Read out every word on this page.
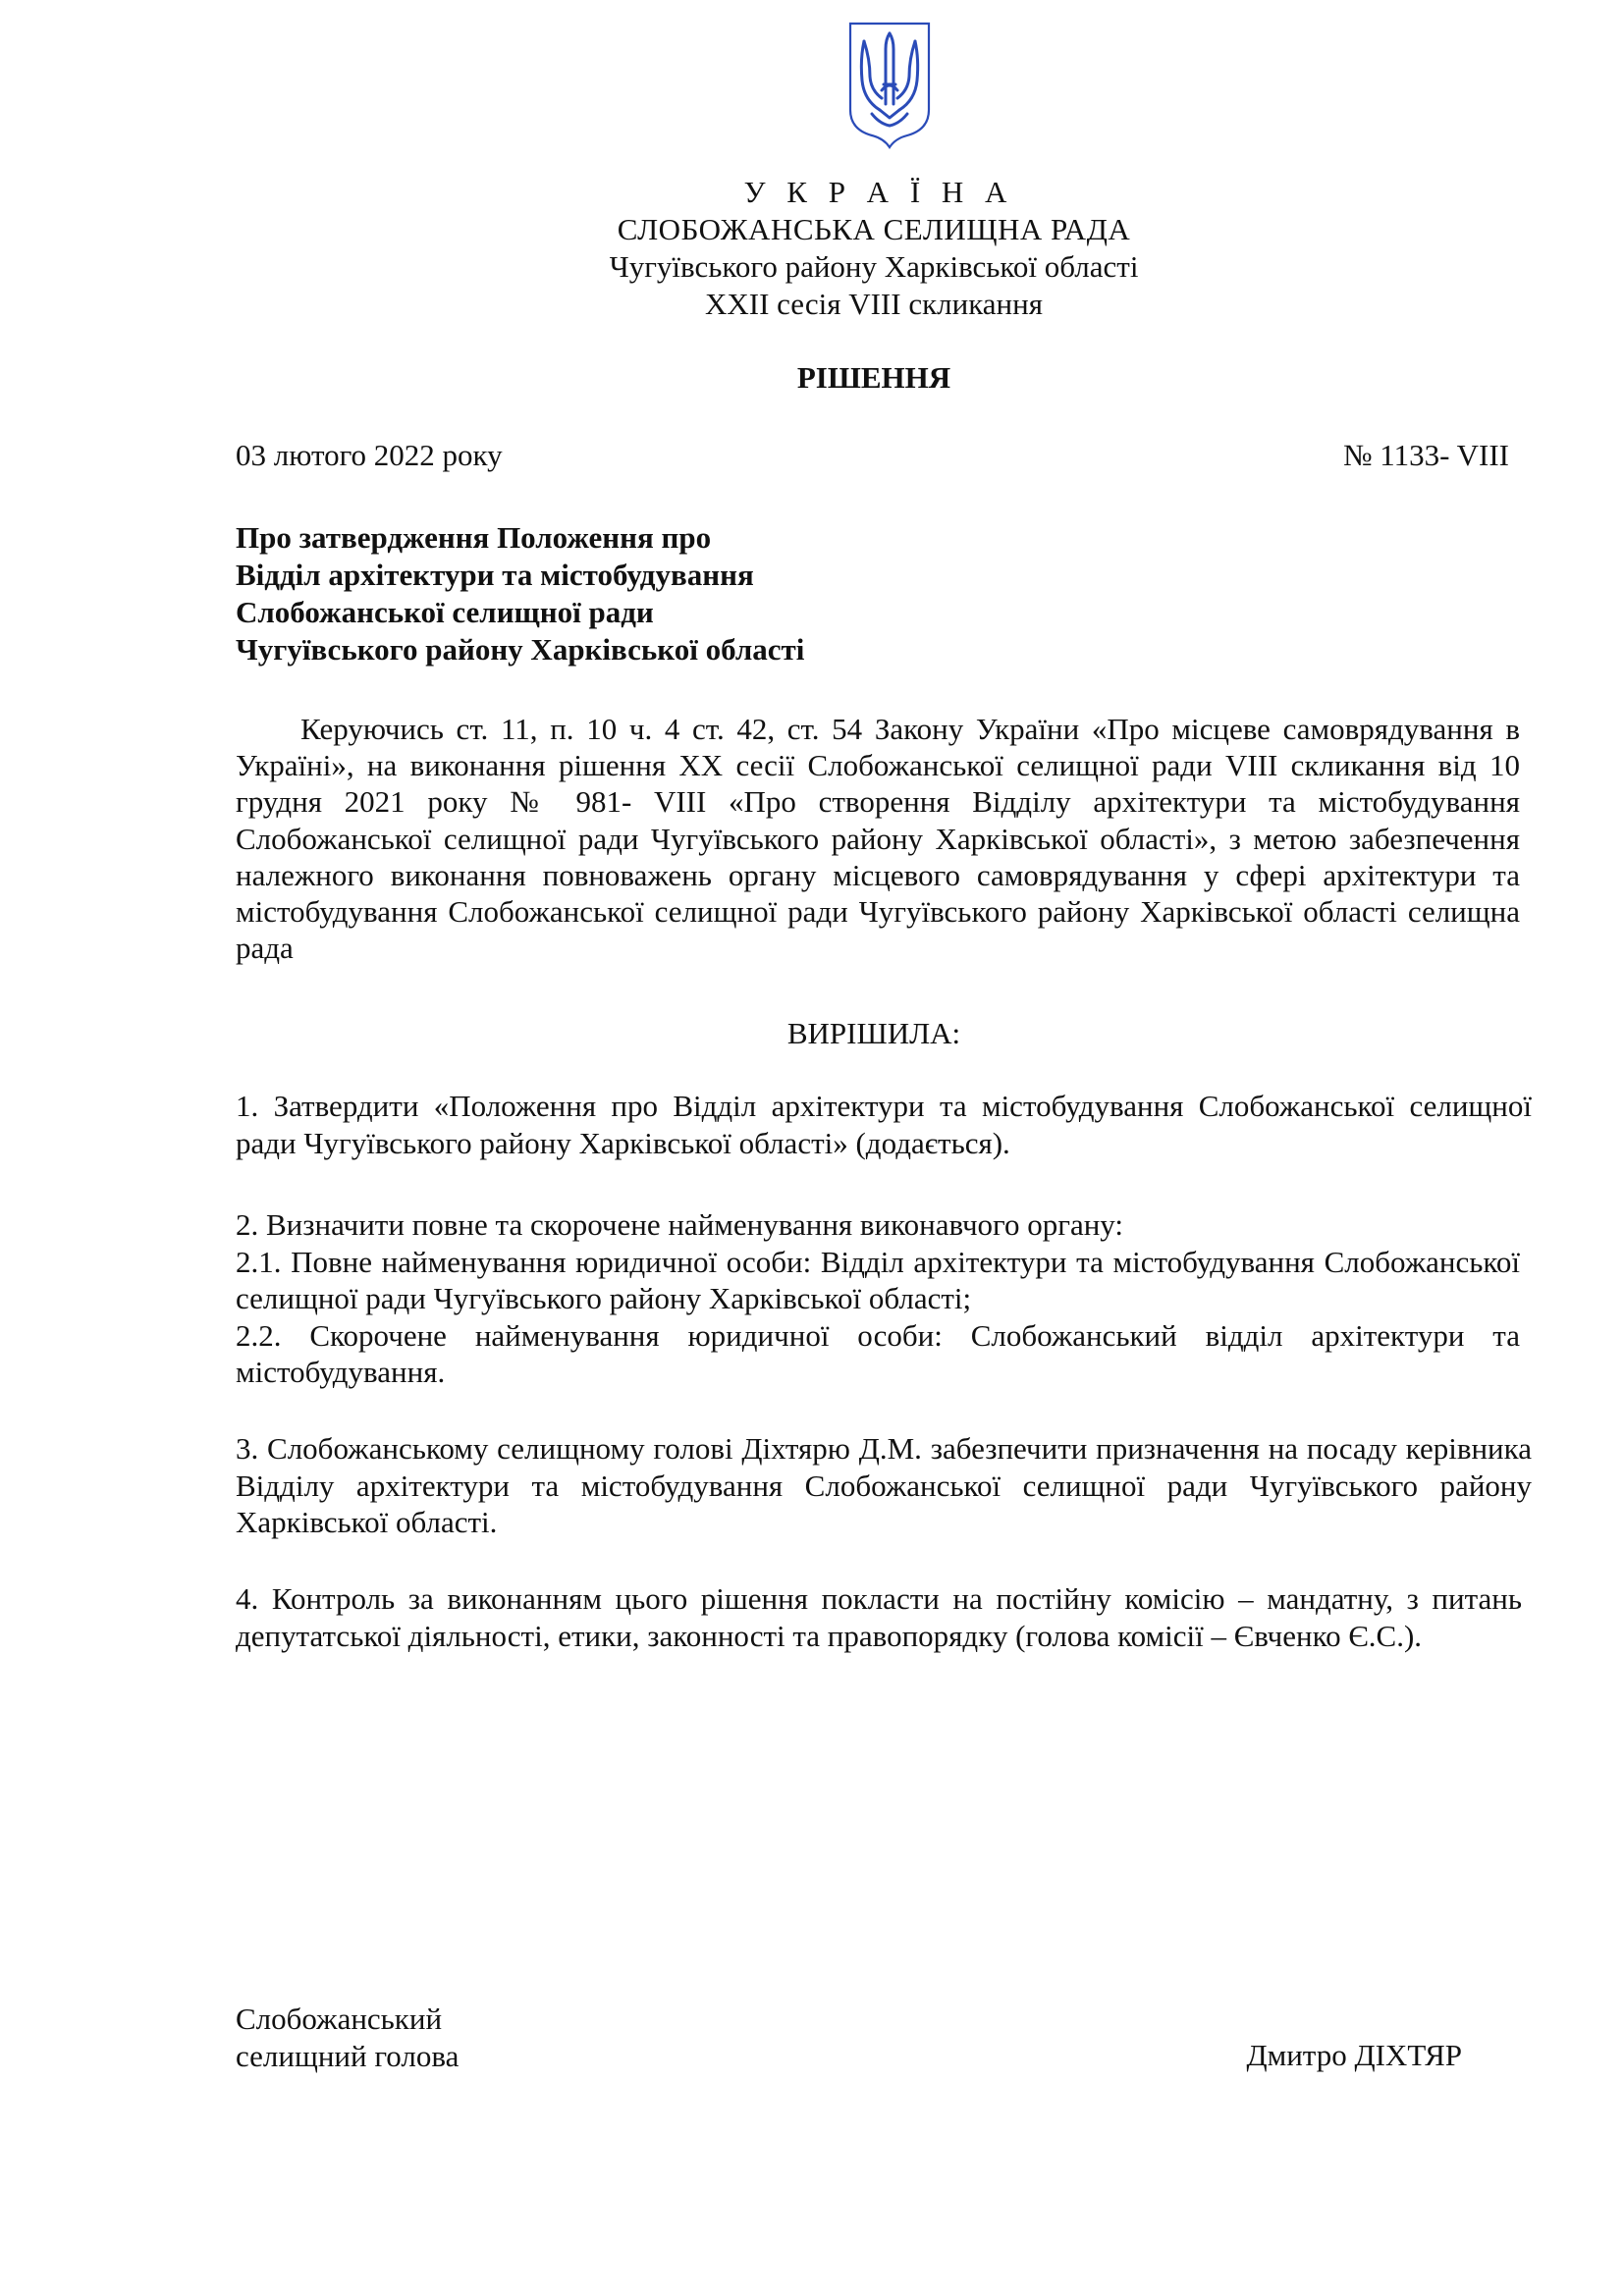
У К Р А Ї Н А
СЛОБОЖАНСЬКА СЕЛИЩНА РАДА
Чугуївського району Харківської області
XXII сесія VIII скликання
РІШЕННЯ
03 лютого 2022 року	№ 1133- VIII
Про затвердження Положення про
Відділ архітектури та містобудування
Слобожанської селищної ради
Чугуївського району Харківської області
Керуючись ст. 11, п. 10 ч. 4 ст. 42, ст. 54 Закону України «Про місцеве самоврядування в Україні», на виконання рішення XX сесії Слобожанської селищної ради VIII скликання від 10 грудня 2021 року № 981- VIII «Про створення Відділу архітектури та містобудування Слобожанської селищної ради Чугуївського району Харківської області», з метою забезпечення належного виконання повноважень органу місцевого самоврядування у сфері архітектури та містобудування Слобожанської селищної ради Чугуївського району Харківської області селищна рада
ВИРІШИЛА:
1. Затвердити «Положення про Відділ архітектури та містобудування Слобожанської селищної ради Чугуївського району Харківської області» (додається).
2. Визначити повне та скорочене найменування виконавчого органу:
2.1. Повне найменування юридичної особи: Відділ архітектури та містобудування Слобожанської селищної ради Чугуївського району Харківської області;
2.2. Скорочене найменування юридичної особи: Слобожанський відділ архітектури та містобудування.
3. Слобожанському селищному голові Діхтярю Д.М. забезпечити призначення на посаду керівника Відділу архітектури та містобудування Слобожанської селищної ради Чугуївського району Харківської області.
4. Контроль за виконанням цього рішення покласти на постійну комісію – мандатну, з питань депутатської діяльності, етики, законності та правопорядку (голова комісії – Євченко Є.С.).
Слобожанський
селищний голова	Дмитро ДІХТЯР
